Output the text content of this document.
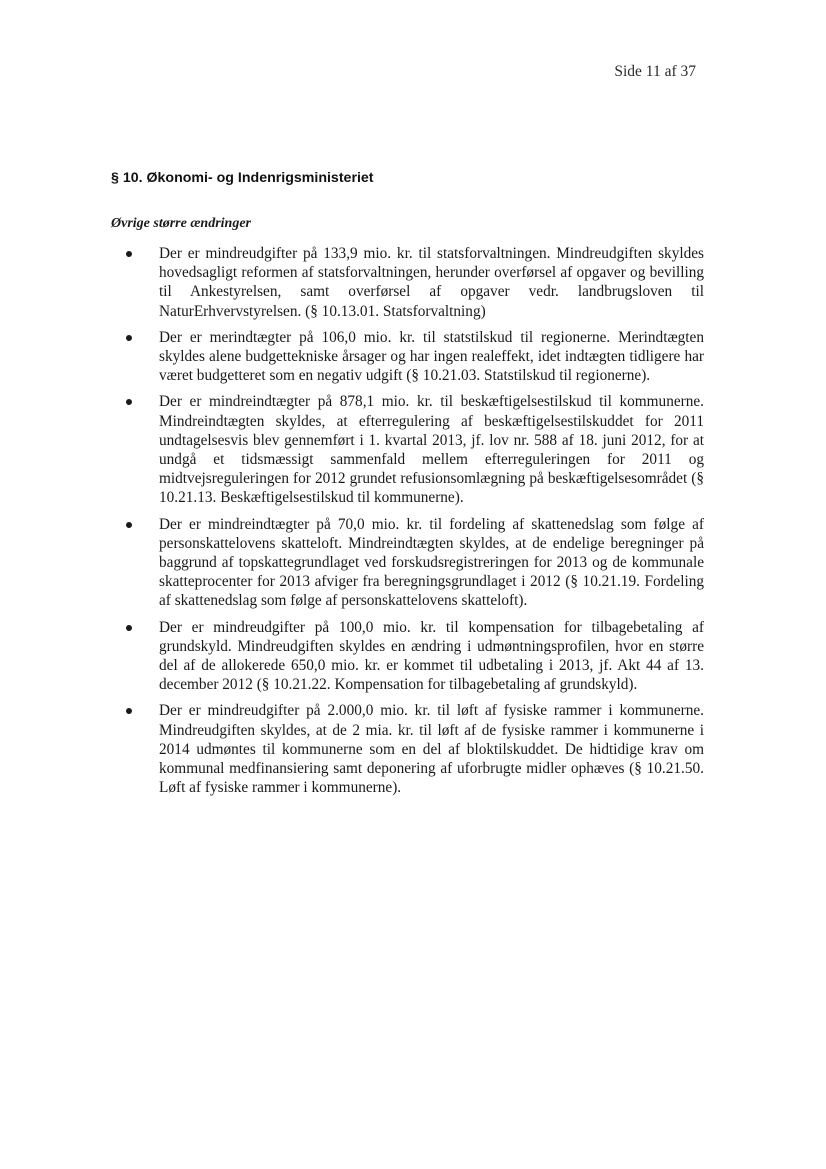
Side 11 af 37
§ 10. Økonomi- og Indenrigsministeriet
Øvrige større ændringer
Der er mindreudgifter på 133,9 mio. kr. til statsforvaltningen. Mindreudgiften skyldes hovedsagligt reformen af statsforvaltningen, herunder overførsel af opgaver og bevilling til Ankestyrelsen, samt overførsel af opgaver vedr. landbrugsloven til NaturErhvervstyrelsen. (§ 10.13.01. Statsforvaltning)
Der er merindtægter på 106,0 mio. kr. til statstilskud til regionerne. Merindtægten skyldes alene budgettekniske årsager og har ingen realeffekt, idet indtægten tidligere har været budgetteret som en negativ udgift (§ 10.21.03. Statstilskud til regionerne).
Der er mindreindtægter på 878,1 mio. kr. til beskæftigelsestilskud til kommunerne. Mindreindtægten skyldes, at efterregulering af beskæftigelsestilskuddet for 2011 undtagelsesvis blev gennemført i 1. kvartal 2013, jf. lov nr. 588 af 18. juni 2012, for at undgå et tidsmæssigt sammenfald mellem efterreguleringen for 2011 og midtvejsreguleringen for 2012 grundet refusionsomlægning på beskæftigelsesområdet (§ 10.21.13. Beskæftigelsestilskud til kommunerne).
Der er mindreindtægter på 70,0 mio. kr. til fordeling af skattenedslag som følge af personskattelovens skatteloft. Mindreindtægten skyldes, at de endelige beregninger på baggrund af topskattegrundlaget ved forskudsregistreringen for 2013 og de kommunale skatteprocenter for 2013 afviger fra beregningsgrundlaget i 2012 (§ 10.21.19. Fordeling af skattenedslag som følge af personskattelovens skatteloft).
Der er mindreudgifter på 100,0 mio. kr. til kompensation for tilbagebetaling af grundskyld. Mindreudgiften skyldes en ændring i udmøntningsprofilen, hvor en større del af de allokerede 650,0 mio. kr. er kommet til udbetaling i 2013, jf. Akt 44 af 13. december 2012 (§ 10.21.22. Kompensation for tilbagebetaling af grundskyld).
Der er mindreudgifter på 2.000,0 mio. kr. til løft af fysiske rammer i kommunerne. Mindreudgiften skyldes, at de 2 mia. kr. til løft af de fysiske rammer i kommunerne i 2014 udmøntes til kommunerne som en del af bloktilskuddet. De hidtidige krav om kommunal medfinansiering samt deponering af uforbrugte midler ophæves (§ 10.21.50. Løft af fysiske rammer i kommunerne).
